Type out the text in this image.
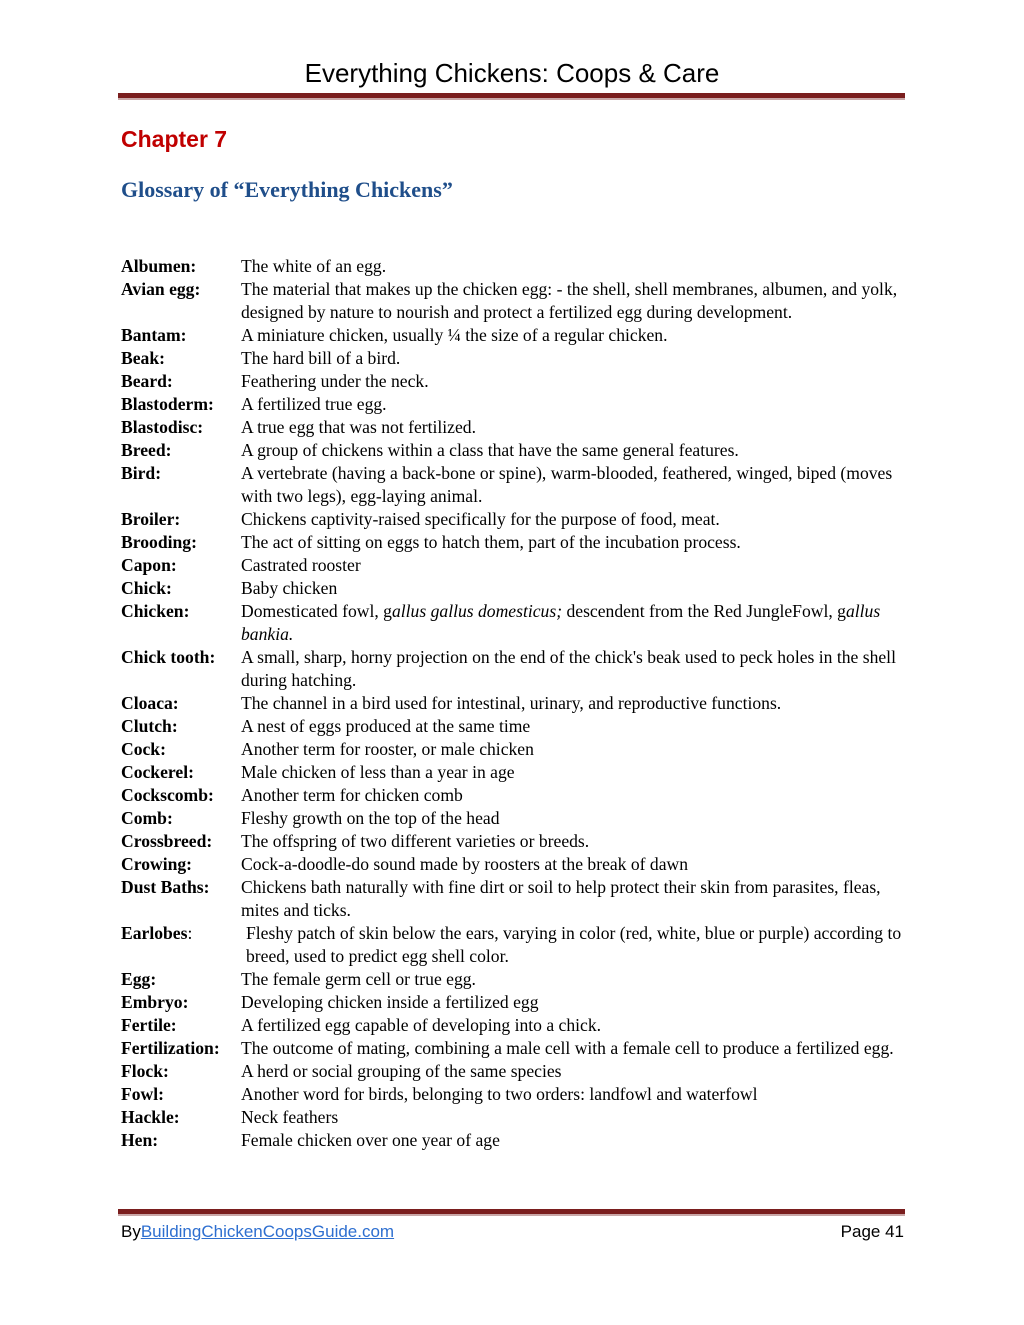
Everything Chickens: Coops & Care
Chapter 7
Glossary of “Everything Chickens”
Albumen:	The white of an egg.
Avian egg:	The material that makes up the chicken egg: - the shell, shell membranes, albumen, and yolk, designed by nature to nourish and protect a fertilized egg during development.
Bantam:	A miniature chicken, usually ¼ the size of a regular chicken.
Beak:	The hard bill of a bird.
Beard:	Feathering under the neck.
Blastoderm:	A fertilized true egg.
Blastodisc:	A true egg that was not fertilized.
Breed:	A group of chickens within a class that have the same general features.
Bird:	A vertebrate (having a back-bone or spine), warm-blooded, feathered, winged, biped (moves with two legs), egg-laying animal.
Broiler:	Chickens captivity-raised specifically for the purpose of food, meat.
Brooding:	The act of sitting on eggs to hatch them, part of the incubation process.
Capon:	Castrated rooster
Chick:	Baby chicken
Chicken:	Domesticated fowl, gallus gallus domesticus; descendent from the Red JungleFowl, gallus bankia.
Chick tooth:	A small, sharp, horny projection on the end of the chick's beak used to peck holes in the shell during hatching.
Cloaca:	The channel in a bird used for intestinal, urinary, and reproductive functions.
Clutch:	A nest of eggs produced at the same time
Cock:	Another term for rooster, or male chicken
Cockerel:	Male chicken of less than a year in age
Cockscomb:	Another term for chicken comb
Comb:	Fleshy growth on the top of the head
Crossbreed:	The offspring of two different varieties or breeds.
Crowing:	Cock-a-doodle-do sound made by roosters at the break of dawn
Dust Baths:	Chickens bath naturally with fine dirt or soil to help protect their skin from parasites, fleas, mites and ticks.
Earlobes:	Fleshy patch of skin below the ears, varying in color (red, white, blue or purple) according to breed, used to predict egg shell color.
Egg:	The female germ cell or true egg.
Embryo:	Developing chicken inside a fertilized egg
Fertile:	A fertilized egg capable of developing into a chick.
Fertilization:	The outcome of mating, combining a male cell with a female cell to produce a fertilized egg.
Flock:	A herd or social grouping of the same species
Fowl:	Another word for birds, belonging to two orders: landfowl and waterfowl
Hackle:	Neck feathers
Hen:	Female chicken over one year of age
ByBuildingChickenCoopsGuide.com	Page 41
